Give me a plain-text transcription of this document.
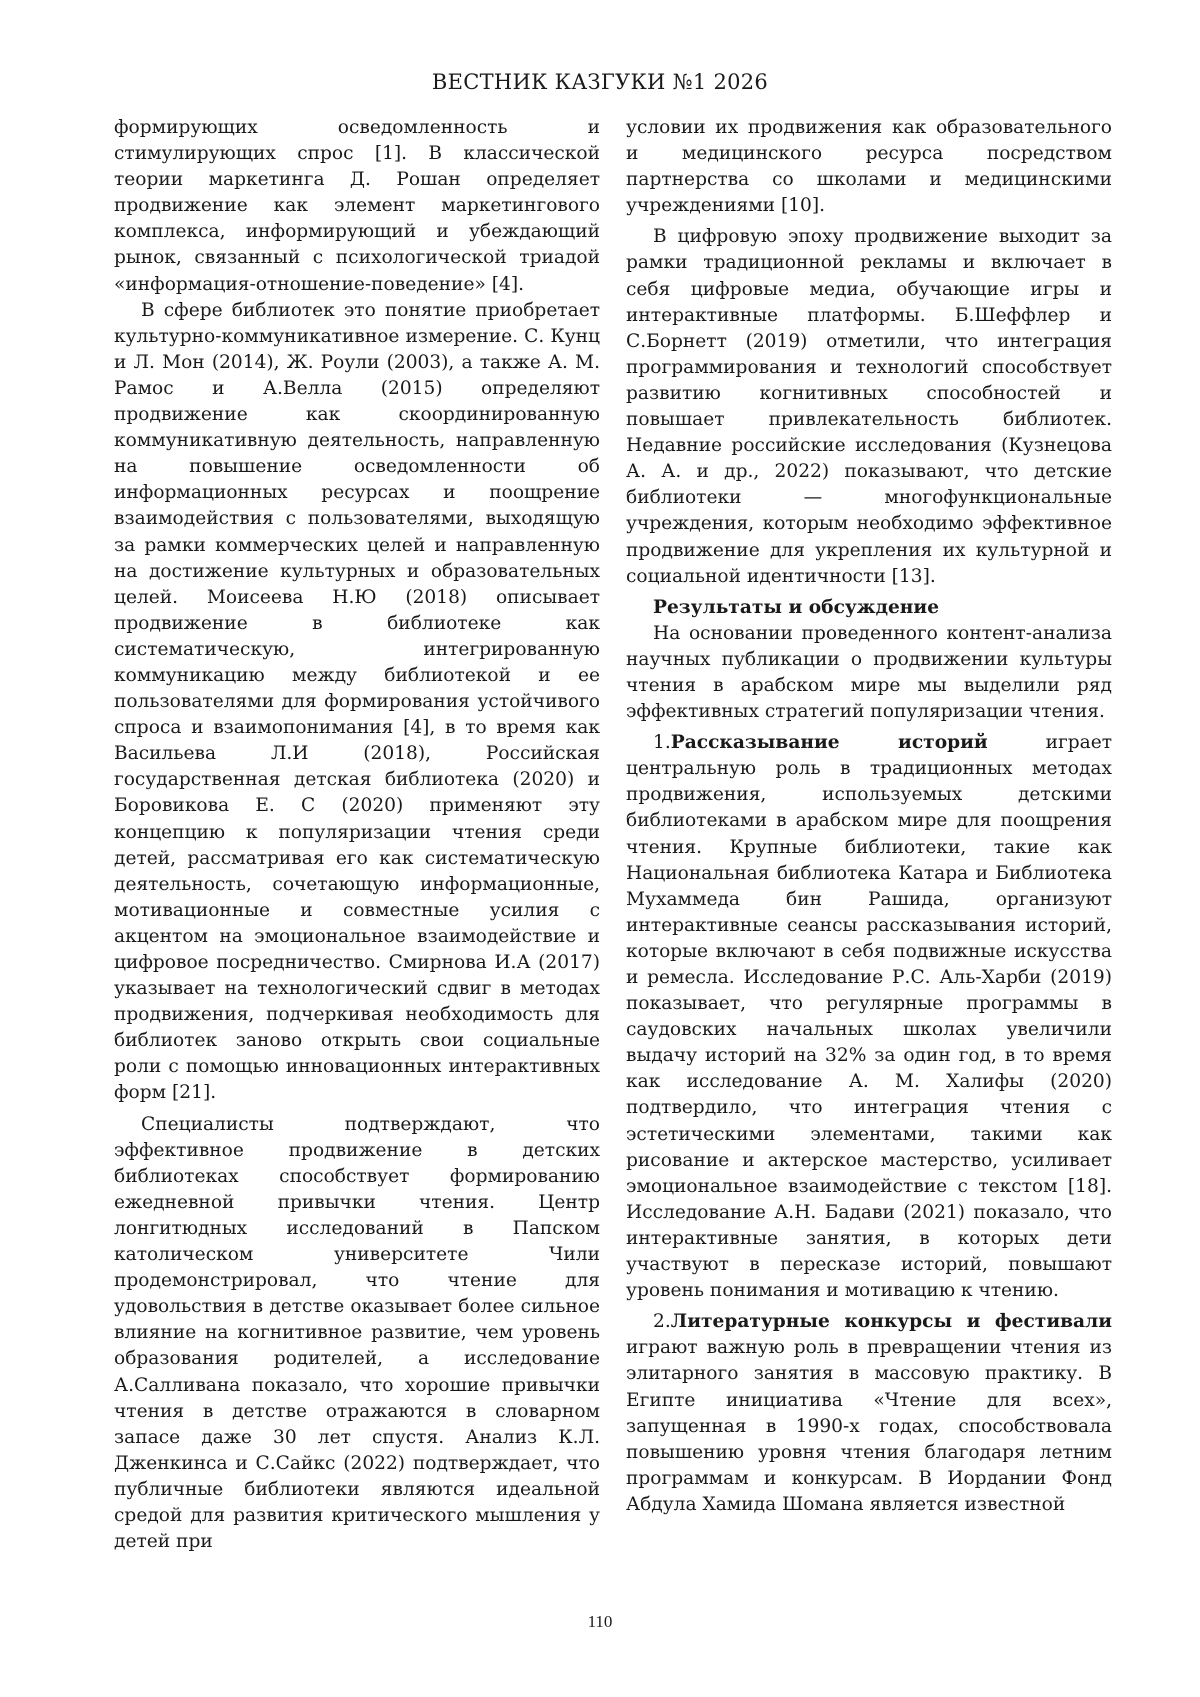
ВЕСТНИК КАЗГУКИ №1 2026

формирующих осведомленность и стимулирующих спрос [1]. В классической теории маркетинга Д. Рошан определяет продвижение как элемент маркетингового комплекса, информирующий и убеждающий рынок, связанный с психологической триадой «информация-отношение-поведение» [4].

В сфере библиотек это понятие приобретает культурно-коммуникативное измерение. С. Кунц и Л. Мон (2014), Ж. Роули (2003), а также А. М. Рамос и А.Велла (2015) определяют продвижение как скоординированную коммуникативную деятельность, направленную на повышение осведомленности об информационных ресурсах и поощрение взаимодействия с пользователями, выходящую за рамки коммерческих целей и направленную на достижение культурных и образовательных целей. Моисеева Н.Ю (2018) описывает продвижение в библиотеке как систематическую, интегрированную коммуникацию между библиотекой и ее пользователями для формирования устойчивого спроса и взаимопонимания [4], в то время как Васильева Л.И (2018), Российская государственная детская библиотека (2020) и Боровикова Е. С (2020) применяют эту концепцию к популяризации чтения среди детей, рассматривая его как систематическую деятельность, сочетающую информационные, мотивационные и совместные усилия с акцентом на эмоциональное взаимодействие и цифровое посредничество. Смирнова И.А (2017) указывает на технологический сдвиг в методах продвижения, подчеркивая необходимость для библиотек заново открыть свои социальные роли с помощью инновационных интерактивных форм [21].

Специалисты подтверждают, что эффективное продвижение в детских библиотеках способствует формированию ежедневной привычки чтения. Центр лонгитюдных исследований в Папском католическом университете Чили продемонстрировал, что чтение для удовольствия в детстве оказывает более сильное влияние на когнитивное развитие, чем уровень образования родителей, а исследование А.Салливана показало, что хорошие привычки чтения в детстве отражаются в словарном запасе даже 30 лет спустя. Анализ К.Л. Дженкинса и С.Сайкс (2022) подтверждает, что публичные библиотеки являются идеальной средой для развития критического мышления у детей при

условии их продвижения как образовательного и медицинского ресурса посредством партнерства со школами и медицинскими учреждениями [10].

В цифровую эпоху продвижение выходит за рамки традиционной рекламы и включает в себя цифровые медиа, обучающие игры и интерактивные платформы. Б.Шеффлер и С.Борнетт (2019) отметили, что интеграция программирования и технологий способствует развитию когнитивных способностей и повышает привлекательность библиотек. Недавние российские исследования (Кузнецова А. А. и др., 2022) показывают, что детские библиотеки — многофункциональные учреждения, которым необходимо эффективное продвижение для укрепления их культурной и социальной идентичности [13].

Результаты и обсуждение

На основании проведенного контент-анализа научных публикации о продвижении культуры чтения в арабском мире мы выделили ряд эффективных стратегий популяризации чтения.

1.Рассказывание историй играет центральную роль в традиционных методах продвижения, используемых детскими библиотеками в арабском мире для поощрения чтения. Крупные библиотеки, такие как Национальная библиотека Катара и Библиотека Мухаммеда бин Рашида, организуют интерактивные сеансы рассказывания историй, которые включают в себя подвижные искусства и ремесла. Исследование Р.С. Аль-Харби (2019) показывает, что регулярные программы в саудовских начальных школах увеличили выдачу историй на 32% за один год, в то время как исследование А. М. Халифы (2020) подтвердило, что интеграция чтения с эстетическими элементами, такими как рисование и актерское мастерство, усиливает эмоциональное взаимодействие с текстом [18]. Исследование А.Н. Бадави (2021) показало, что интерактивные занятия, в которых дети участвуют в пересказе историй, повышают уровень понимания и мотивацию к чтению.

2.Литературные конкурсы и фестивали играют важную роль в превращении чтения из элитарного занятия в массовую практику. В Египте инициатива «Чтение для всех», запущенная в 1990-х годах, способствовала повышению уровня чтения благодаря летним программам и конкурсам. В Иордании Фонд Абдула Хамида Шомана является известной

110
